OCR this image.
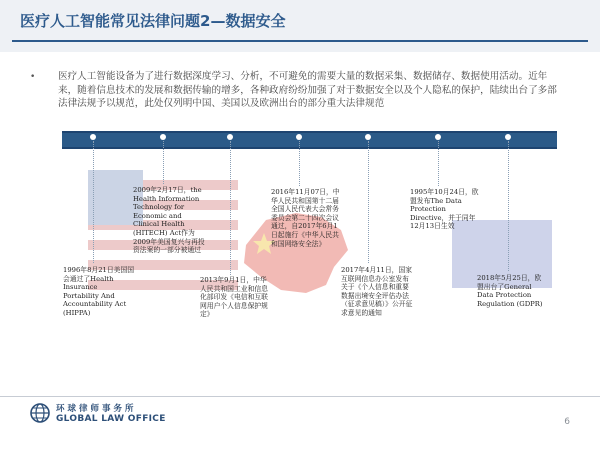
医疗人工智能常见法律问题2—数据安全
• 医疗人工智能设备为了进行数据深度学习、分析，不可避免的需要大量的数据采集、数据储存、数据使用活动。近年来，随着信息技术的发展和数据传输的增多，各种政府纷纷加强了对于数据安全以及个人隐私的保护，陆续出台了多部法律法规予以规范，此处仅列明中国、美国以及欧洲出台的部分重大法律规范
1996年8月21日美国国会通过了Health Insurance Portability And Accountability Act (HIPPA)
2009年2月17日，the Health Information Technology for Economic and Clinical Health (HITECH) Act作为2009年美国复兴与再投资法案的一部分被通过
2013年9月1日，中华人民共和国工业和信息化部印发《电信和互联网用户个人信息保护规定》
2016年11月07日，中华人民共和国第十二届全国人民代表大会常务委员会第二十四次会议通过，自2017年6月1日起施行《中华人民共和国网络安全法》
2017年4月11日，国家互联网信息办公室发布关于《个人信息和重要数据出境安全评估办法（征求意见稿）》公开征求意见的通知
1995年10月24日，欧盟发布The Data Protection Directive，并于同年12月13日生效
2018年5月25日，欧盟出台了General Data Protection Regulation (GDPR)
环球律师事务所
GLOBAL LAW OFFICE	6
